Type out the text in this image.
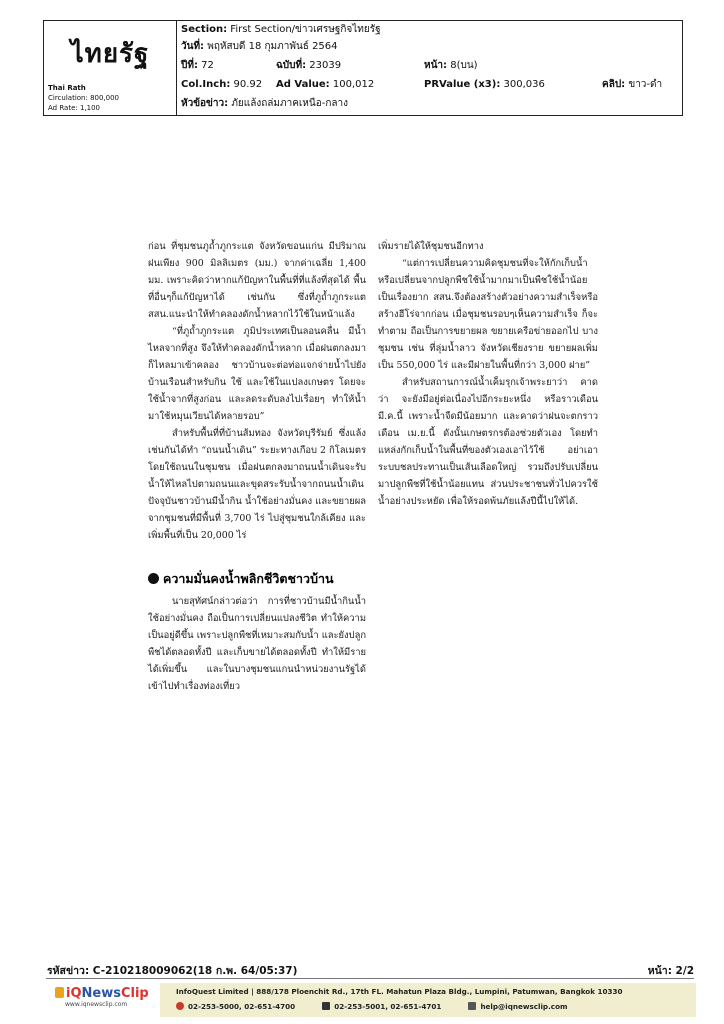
ไทยรัฐ
Thai Rath
Circulation: 800,000
Ad Rate: 1,100
Section: First Section/ข่าวเศรษฐกิจไทยรัฐ
วันที่: พฤหัสบดี 18 กุมภาพันธ์ 2564
ปีที่: 72	ฉบับที่: 23039	หน้า: 8(บน)
Col.Inch: 90.92 Ad Value: 100,012	PRValue (x3): 300,036	คลิป: ขาว-ดำ
หัวข้อข่าว: ภัยแล้งถล่มภาคเหนือ-กลาง

ก่อน ที่ชุมชนภูถ้ำภูกระแต จังหวัดขอนแก่น มีปริมาณฝนเพียง 900 มิลลิเมตร (มม.) จากค่าเฉลี่ย 1,400 มม. เพราะคิดว่าหากแก้ปัญหาในพื้นที่ที่แล้งที่สุดได้ พื้นที่อื่นๆก็แก้ปัญหาได้ เช่นกัน ซึ่งที่ภูถ้ำภูกระแต สสน.แนะนำให้ทำคลองดักน้ำหลากไว้ใช้ในหน้าแล้ง

“ที่ภูถ้ำภูกระแต ภูมิประเทศเป็นลอนคลื่น มีน้ำไหลจากที่สูง จึงให้ทำคลองดักน้ำหลาก เมื่อฝนตกลงมาก็ไหลมาเข้าคลอง ชาวบ้านจะต่อท่อแจกจ่ายน้ำไปยังบ้านเรือนสำหรับกิน ใช้ และใช้ในแปลงเกษตร โดยจะใช้น้ำจากที่สูงก่อน และลดระดับลงไปเรื่อยๆ ทำให้น้ำมาใช้หมุนเวียนได้หลายรอบ”

สำหรับพื้นที่ที่บ้านส้มทอง จังหวัดบุรีรัมย์ ซึ่งแล้งเช่นกันได้ทำ “ถนนน้ำเดิน” ระยะทางเกือบ 2 กิโลเมตร โดยใช้ถนนในชุมชน เมื่อฝนตกลงมาถนนน้ำเดินจะรับน้ำให้ไหลไปตามถนนและขุดสระรับน้ำจากถนนน้ำเดิน ปัจจุบันชาวบ้านมีน้ำกิน น้ำใช้อย่างมั่นคง และขยายผลจากชุมชนที่มีพื้นที่ 3,700 ไร่ ไปสู่ชุมชนใกล้เคียง และเพิ่มพื้นที่เป็น 20,000 ไร่

ความมั่นคงน้ำพลิกชีวิตชาวบ้าน

นายสุทัศน์กล่าวต่อว่า การที่ชาวบ้านมีน้ำกินน้ำใช้อย่างมั่นคง ถือเป็นการเปลี่ยนแปลงชีวิต ทำให้ความเป็นอยู่ดีขึ้น เพราะปลูกพืชที่เหมาะสมกับน้ำ และยังปลูกพืชได้ตลอดทั้งปี และเก็บขายได้ตลอดทั้งปี ทำให้มีรายได้เพิ่มขึ้น และในบางชุมชนแกนนำหน่วยงานรัฐได้เข้าไปทำเรื่องท่องเที่ยว

เพิ่มรายได้ให้ชุมชนอีกทาง

“แต่การเปลี่ยนความคิดชุมชนที่จะให้กักเก็บน้ำหรือเปลี่ยนจากปลูกพืชใช้น้ำมากมาเป็นพืชใช้น้ำน้อย เป็นเรื่องยาก สสน.จึงต้องสร้างตัวอย่างความสำเร็จหรือสร้างฮีโร่จากก่อน เมื่อชุมชนรอบๆเห็นความสำเร็จ ก็จะทำตาม ถือเป็นการขยายผล ขยายเครือข่ายออกไป บางชุมชน เช่น ที่ลุ่มน้ำลาว จังหวัดเชียงราย ขยายผลเพิ่มเป็น 550,000 ไร่ และมีฝายในพื้นที่กว่า 3,000 ฝาย”

สำหรับสถานการณ์น้ำเค็มรุกเจ้าพระยาว่า คาดว่า จะยังมีอยู่ต่อเนื่องไปอีกระยะหนึ่ง หรือราวเดือน มี.ค.นี้ เพราะน้ำจืดมีน้อยมาก และคาดว่าฝนจะตกราวเดือน เม.ย.นี้ ดังนั้นเกษตรกรต้องช่วยตัวเอง โดยทำแหล่งกักเก็บน้ำในพื้นที่ของตัวเองเอาไว้ใช้ อย่าเอาระบบชลประทานเป็นเส้นเลือดใหญ่ รวมถึงปรับเปลี่ยนมาปลูกพืชที่ใช้น้ำน้อยแทน ส่วนประชาชนทั่วไปควรใช้น้ำอย่างประหยัด เพื่อให้รอดพ้นภัยแล้งปีนี้ไปให้ได้.

รหัสข่าว: C-210218009062(18 ก.พ. 64/05:37)	หน้า: 2/2
iQNewsClip
www.iqnewsclip.com
InfoQuest Limited | 888/178 Ploenchit Rd., 17th FL. Mahatun Plaza Bldg., Lumpini, Patumwan, Bangkok 10330
02-253-5000, 02-651-4700	02-253-5001, 02-651-4701	help@iqnewsclip.com
